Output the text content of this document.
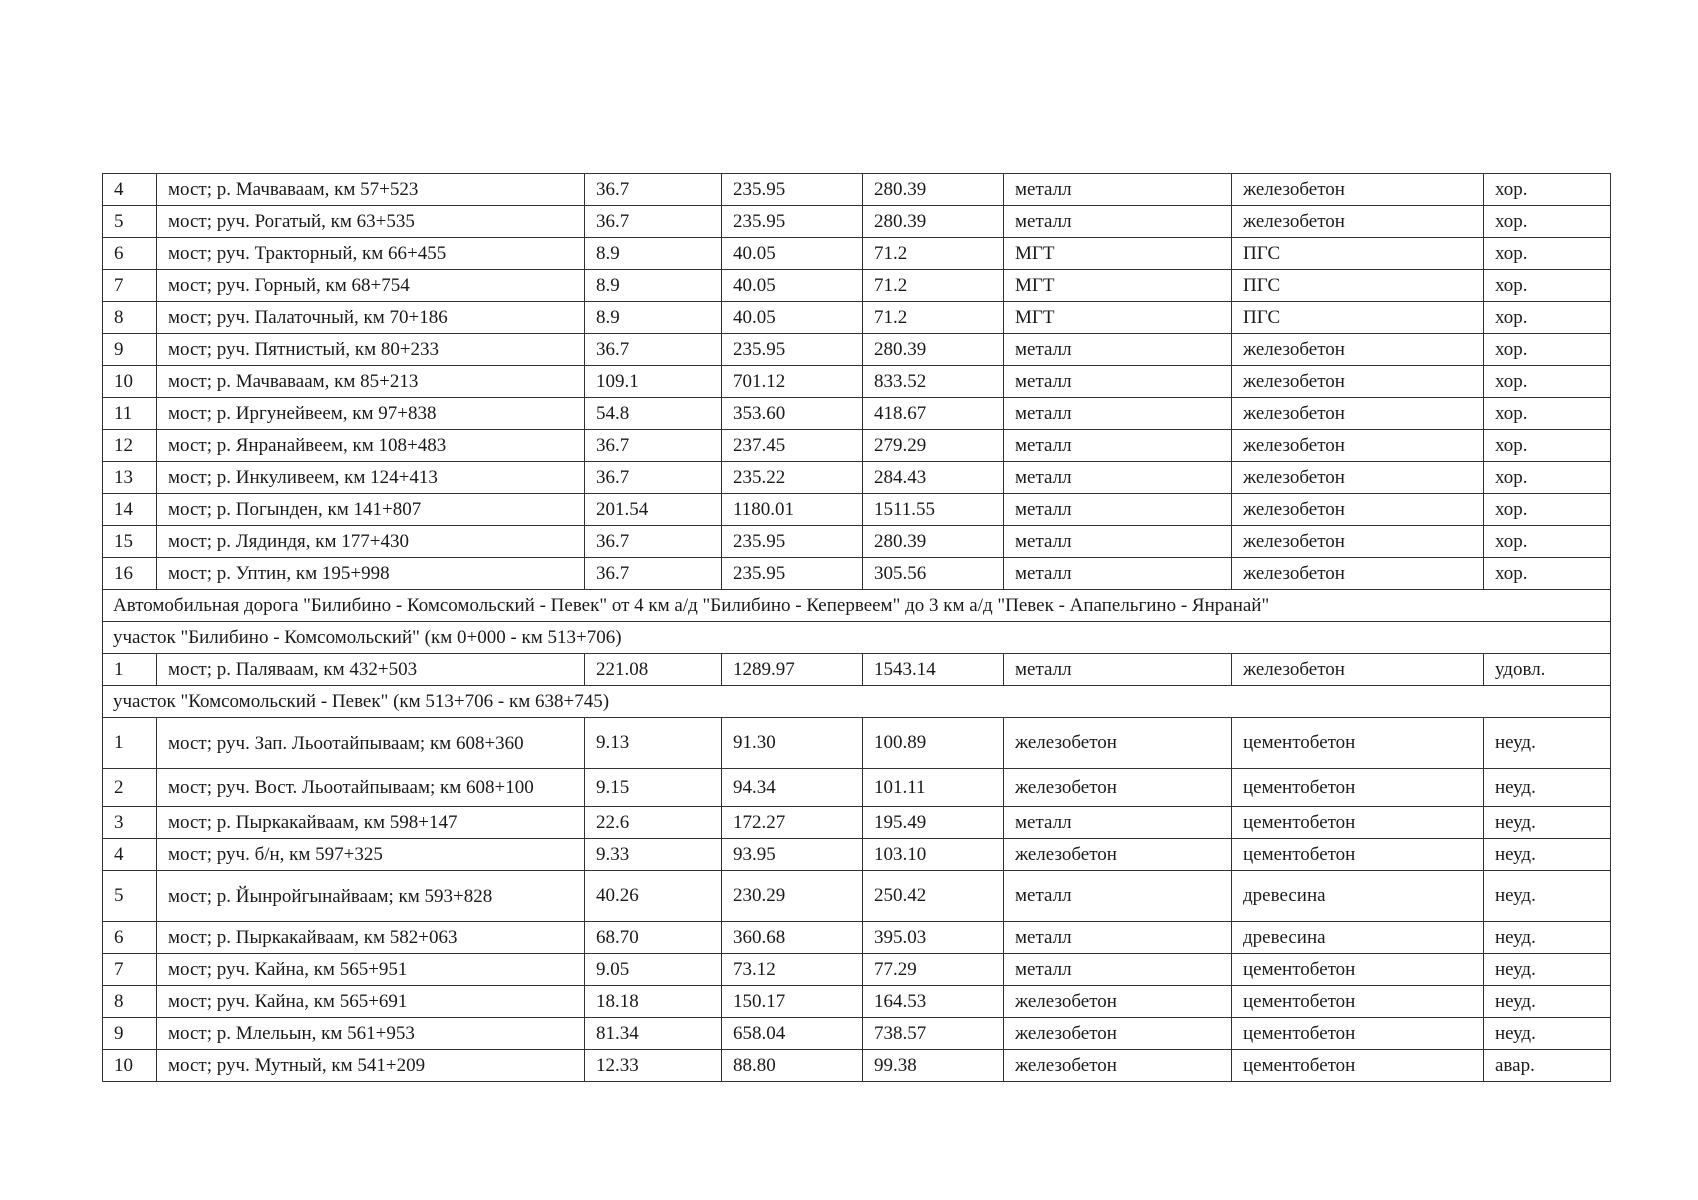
4	мост; р. Мачваваам, км 57+523	36.7	235.95	280.39	металл	железобетон	хор.
5	мост; руч. Рогатый, км 63+535	36.7	235.95	280.39	металл	железобетон	хор.
6	мост; руч. Тракторный, км 66+455	8.9	40.05	71.2	МГТ	ПГС	хор.
7	мост; руч. Горный, км 68+754	8.9	40.05	71.2	МГТ	ПГС	хор.
8	мост; руч. Палаточный, км 70+186	8.9	40.05	71.2	МГТ	ПГС	хор.
9	мост; руч. Пятнистый, км 80+233	36.7	235.95	280.39	металл	железобетон	хор.
10	мост; р. Мачваваам, км 85+213	109.1	701.12	833.52	металл	железобетон	хор.
11	мост; р. Иргунейвеем, км 97+838	54.8	353.60	418.67	металл	железобетон	хор.
12	мост; р. Янранайвеем, км 108+483	36.7	237.45	279.29	металл	железобетон	хор.
13	мост; р. Инкуливеем, км 124+413	36.7	235.22	284.43	металл	железобетон	хор.
14	мост; р. Погынден, км 141+807	201.54	1180.01	1511.55	металл	железобетон	хор.
15	мост; р. Лядиндя, км 177+430	36.7	235.95	280.39	металл	железобетон	хор.
16	мост; р. Уптин, км 195+998	36.7	235.95	305.56	металл	железобетон	хор.
Автомобильная дорога "Билибино - Комсомольский - Певек" от 4 км а/д "Билибино - Кепервеем" до 3 км а/д "Певек - Апапельгино - Янранай"							
участок "Билибино - Комсомольский" (км 0+000 - км 513+706)							
1	мост; р. Паляваам, км 432+503	221.08	1289.97	1543.14	металл	железобетон	удовл.
участок "Комсомольский - Певек" (км 513+706 - км 638+745)							
1	мост; руч. Зап. Льоотайпываам; км 608+360	9.13	91.30	100.89	железобетон	цементобетон	неуд.
2	мост; руч. Вост. Льоотайпываам; км 608+100	9.15	94.34	101.11	железобетон	цементобетон	неуд.
3	мост; р. Пыркакайваам, км 598+147	22.6	172.27	195.49	металл	цементобетон	неуд.
4	мост; руч. б/н, км 597+325	9.33	93.95	103.10	железобетон	цементобетон	неуд.
5	мост; р. Йынройгынайваам; км 593+828	40.26	230.29	250.42	металл	древесина	неуд.
6	мост; р. Пыркакайваам, км 582+063	68.70	360.68	395.03	металл	древесина	неуд.
7	мост; руч. Кайна, км 565+951	9.05	73.12	77.29	металл	цементобетон	неуд.
8	мост; руч. Кайна, км 565+691	18.18	150.17	164.53	железобетон	цементобетон	неуд.
9	мост; р. Млельын, км 561+953	81.34	658.04	738.57	железобетон	цементобетон	неуд.
10	мост; руч. Мутный, км 541+209	12.33	88.80	99.38	железобетон	цементобетон	авар.
